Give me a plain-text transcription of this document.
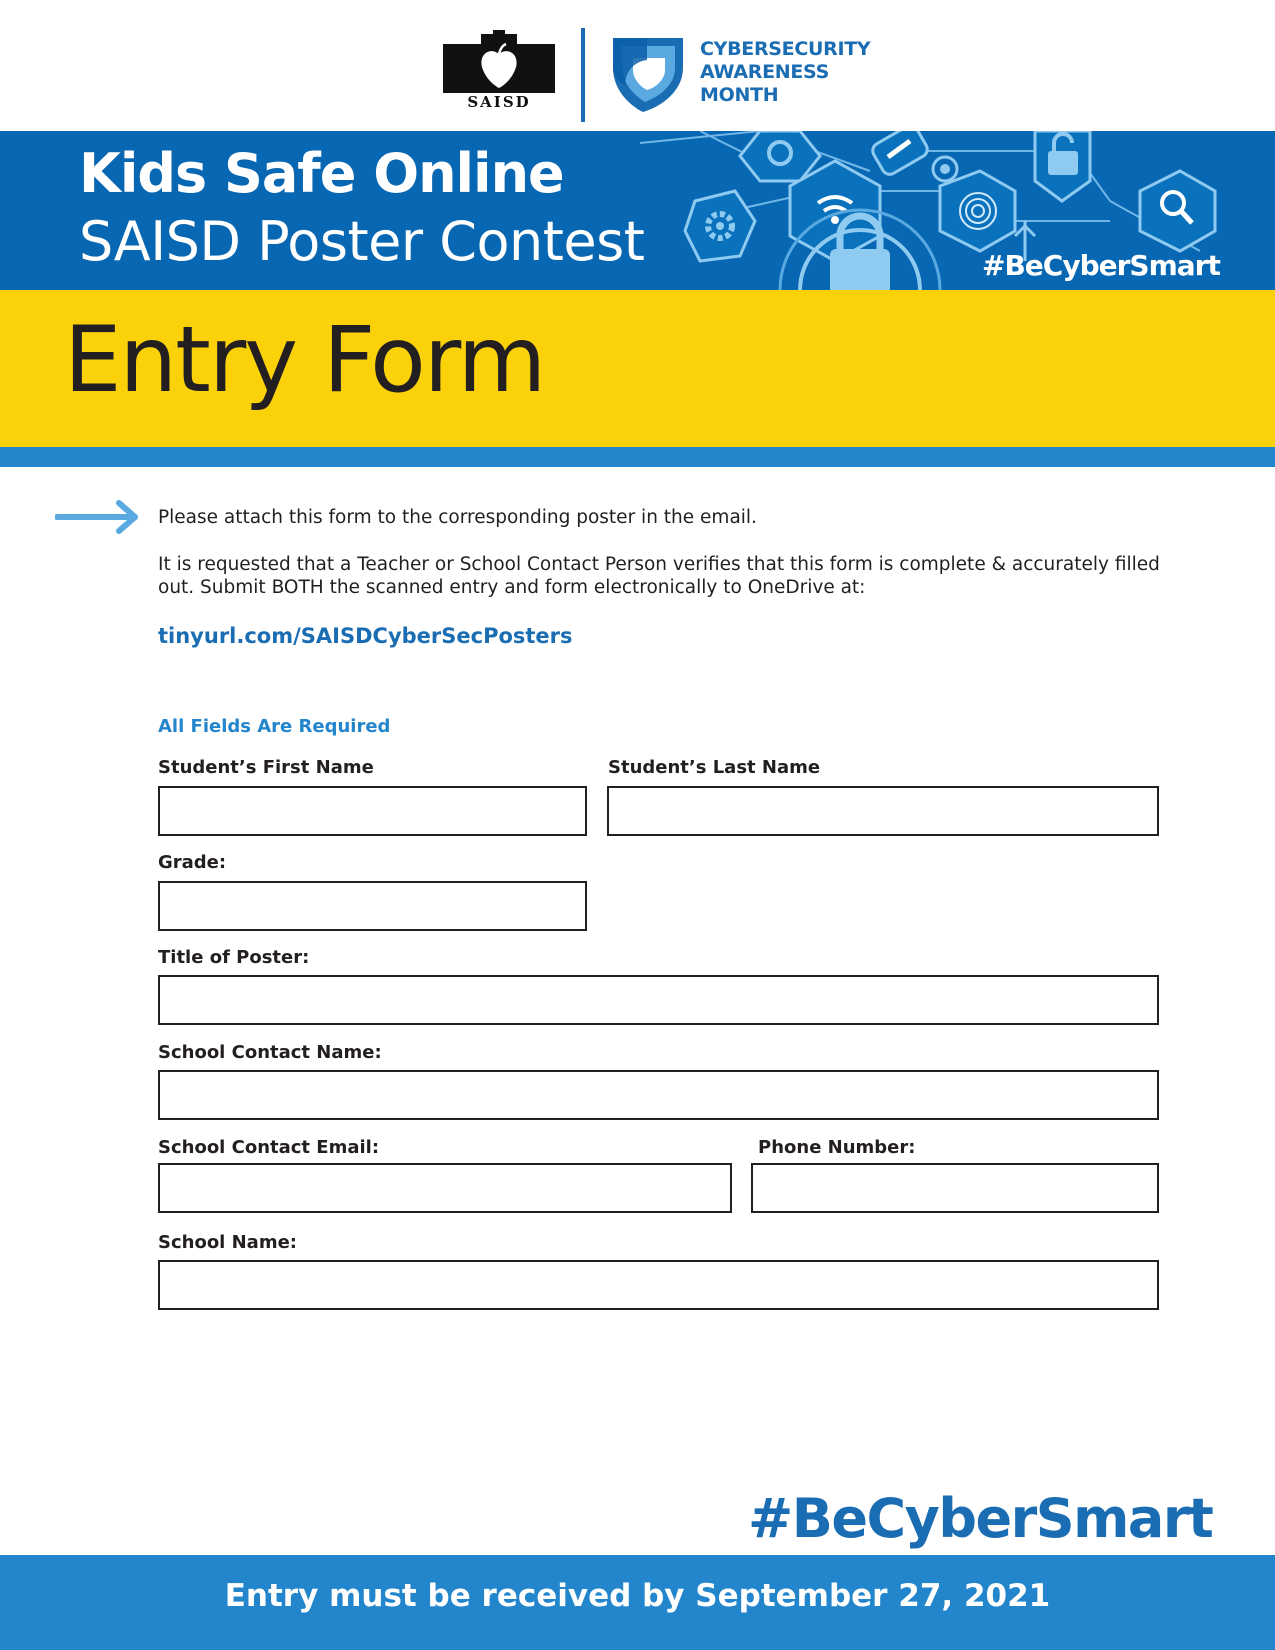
SAISD
CYBERSECURITY
AWARENESS
MONTH
Kids Safe Online
SAISD Poster Contest	#BeCyberSmart
Entry Form
Please attach this form to the corresponding poster in the email.
It is requested that a Teacher or School Contact Person verifies that this form is complete & accurately filled out. Submit BOTH the scanned entry and form electronically to OneDrive at:
tinyurl.com/SAISDCyberSecPosters
All Fields Are Required
Student’s First Name	Student’s Last Name
Grade:
Title of Poster:
School Contact Name:
School Contact Email:	Phone Number:
School Name:
#BeCyberSmart
Entry must be received by September 27, 2021
